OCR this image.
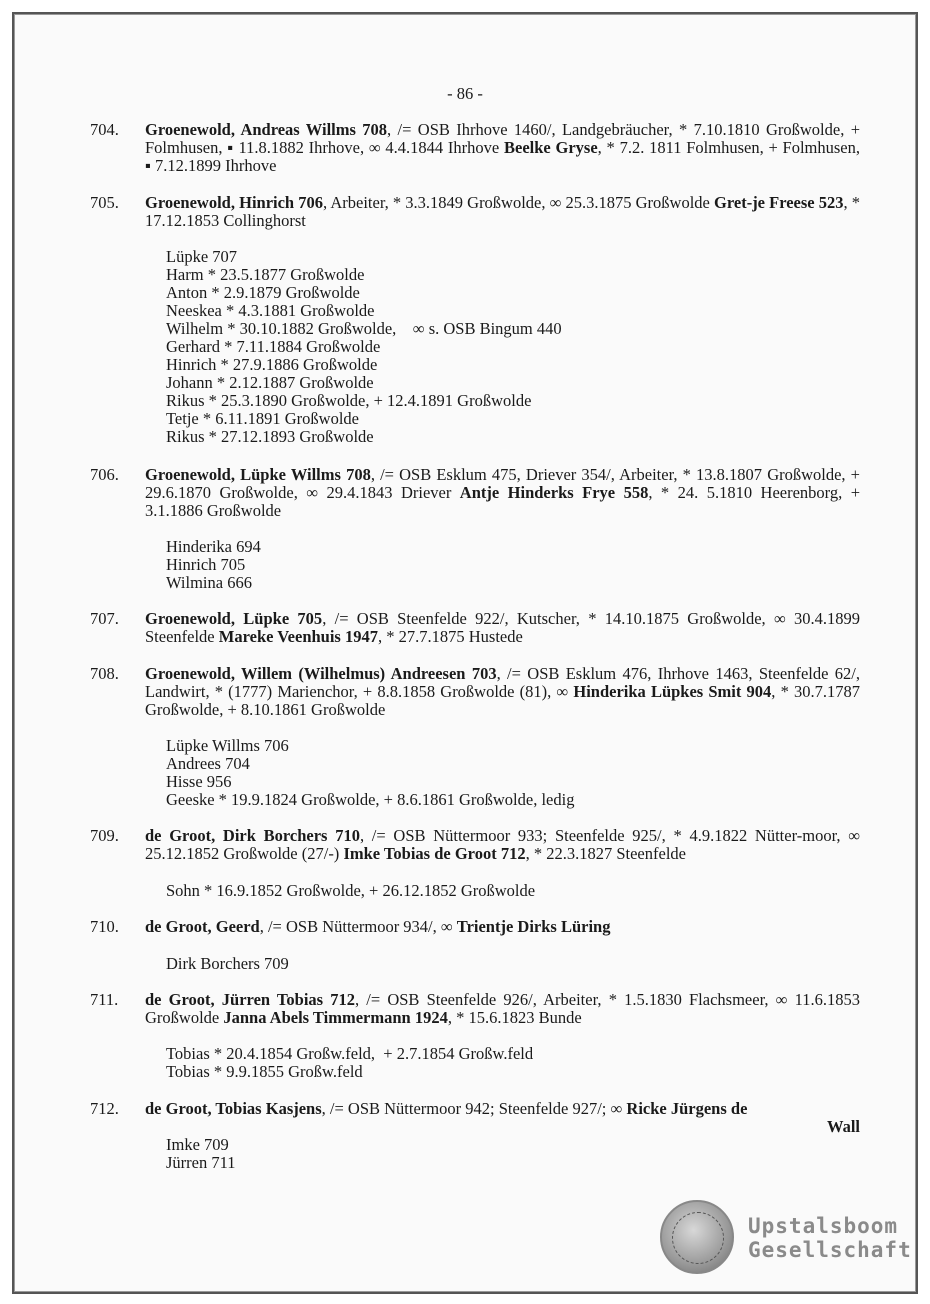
- 86 -
704.	Groenewold, Andreas Willms 708, /= OSB Ihrhove 1460/, Landgebräucher, * 7.10.1810 Großwolde, + Folmhusen, ▪ 11.8.1882 Ihrhove, ∞ 4.4.1844 Ihrhove Beelke Gryse, * 7.2. 1811 Folmhusen, + Folmhusen, ▪ 7.12.1899 Ihrhove
705.	Groenewold, Hinrich 706, Arbeiter, * 3.3.1849 Großwolde, ∞ 25.3.1875 Großwolde Gret-je Freese 523, * 17.12.1853 Collinghorst
Lüpke 707
Harm * 23.5.1877 Großwolde
Anton * 2.9.1879 Großwolde
Neeskea * 4.3.1881 Großwolde
Wilhelm * 30.10.1882 Großwolde,    ∞ s. OSB Bingum 440
Gerhard * 7.11.1884 Großwolde
Hinrich * 27.9.1886 Großwolde
Johann * 2.12.1887 Großwolde
Rikus * 25.3.1890 Großwolde, + 12.4.1891 Großwolde
Tetje * 6.11.1891 Großwolde
Rikus * 27.12.1893 Großwolde
706.	Groenewold, Lüpke Willms 708, /= OSB Esklum 475, Driever 354/, Arbeiter, * 13.8.1807 Großwolde, + 29.6.1870 Großwolde, ∞ 29.4.1843 Driever Antje Hinderks Frye 558, * 24. 5.1810 Heerenborg, + 3.1.1886 Großwolde
Hinderika 694
Hinrich 705
Wilmina 666
707.	Groenewold, Lüpke 705, /= OSB Steenfelde 922/, Kutscher, * 14.10.1875 Großwolde, ∞ 30.4.1899 Steenfelde Mareke Veenhuis 1947, * 27.7.1875 Hustede
708.	Groenewold, Willem (Wilhelmus) Andreesen 703, /= OSB Esklum 476, Ihrhove 1463, Steenfelde 62/, Landwirt, * (1777) Marienchor, + 8.8.1858 Großwolde (81), ∞ Hinderika Lüpkes Smit 904, * 30.7.1787 Großwolde, + 8.10.1861 Großwolde
Lüpke Willms 706
Andrees 704
Hisse 956
Geeske * 19.9.1824 Großwolde, + 8.6.1861 Großwolde, ledig
709.	de Groot, Dirk Borchers 710, /= OSB Nüttermoor 933; Steenfelde 925/, * 4.9.1822 Nütter-moor, ∞ 25.12.1852 Großwolde (27/-) Imke Tobias de Groot 712, * 22.3.1827 Steenfelde
Sohn * 16.9.1852 Großwolde, + 26.12.1852 Großwolde
710.	de Groot, Geerd, /= OSB Nüttermoor 934/, ∞ Trientje Dirks Lüring
Dirk Borchers 709
711.	de Groot, Jürren Tobias 712, /= OSB Steenfelde 926/, Arbeiter, * 1.5.1830 Flachsmeer, ∞ 11.6.1853 Großwolde Janna Abels Timmermann 1924, * 15.6.1823 Bunde
Tobias * 20.4.1854 Großw.feld,  + 2.7.1854 Großw.feld
Tobias * 9.9.1855 Großw.feld
712.	de Groot, Tobias Kasjens, /= OSB Nüttermoor 942; Steenfelde 927/; ∞ Ricke Jürgens de
Wall
Imke 709
Jürren 711
Upstalsboom
Gesellschaft
